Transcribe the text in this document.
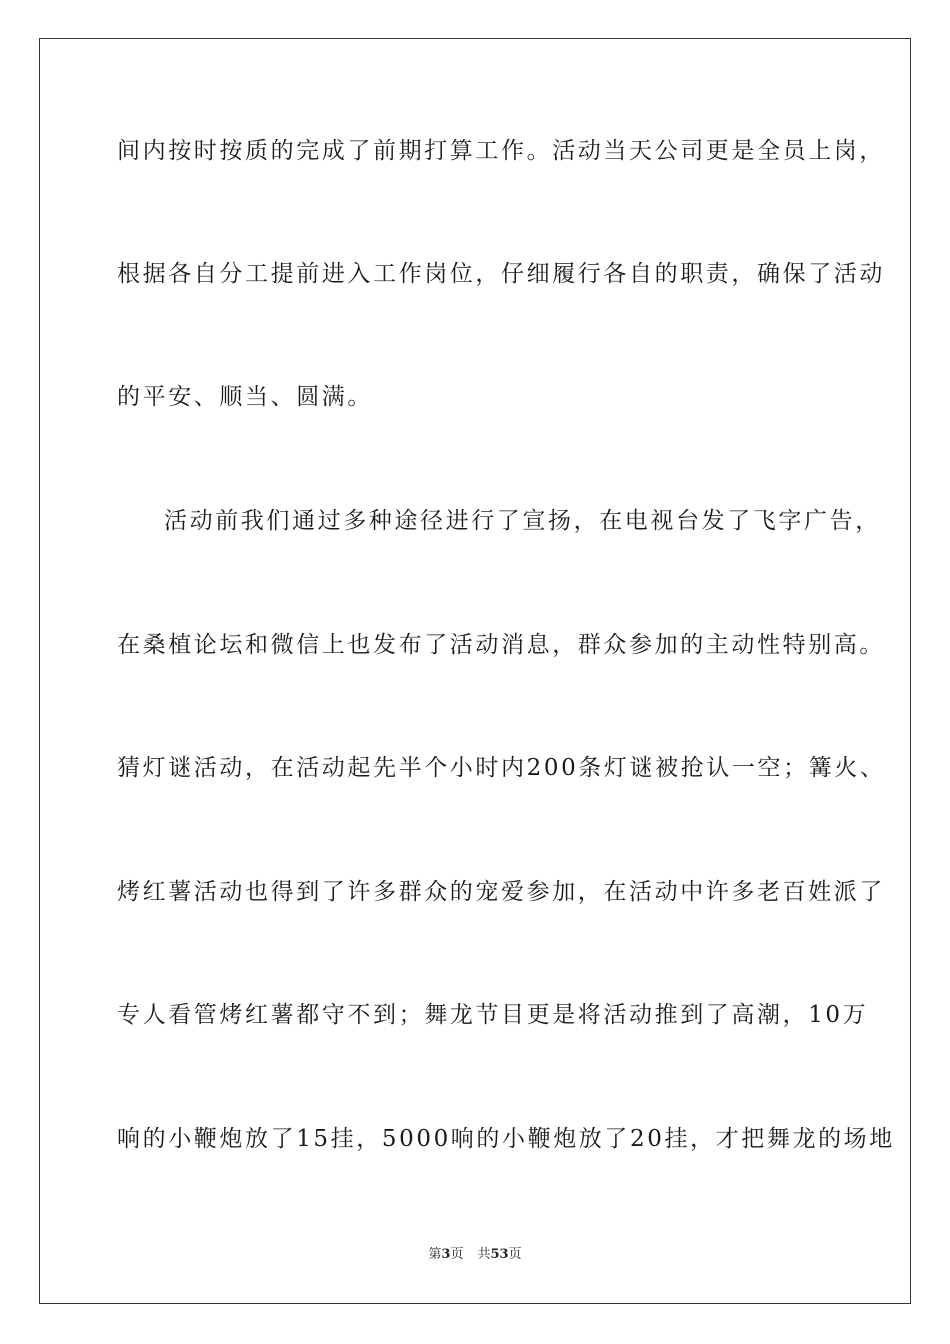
间内按时按质的完成了前期打算工作。活动当天公司更是全员上岗，
根据各自分工提前进入工作岗位，仔细履行各自的职责，确保了活动
的平安、顺当、圆满。
活动前我们通过多种途径进行了宣扬，在电视台发了飞字广告，
在桑植论坛和微信上也发布了活动消息，群众参加的主动性特别高。
猜灯谜活动，在活动起先半个小时内200条灯谜被抢认一空；篝火、
烤红薯活动也得到了许多群众的宠爱参加，在活动中许多老百姓派了
专人看管烤红薯都守不到；舞龙节目更是将活动推到了高潮，10万
响的小鞭炮放了15挂，5000响的小鞭炮放了20挂，才把舞龙的场地
第3页 共53页
